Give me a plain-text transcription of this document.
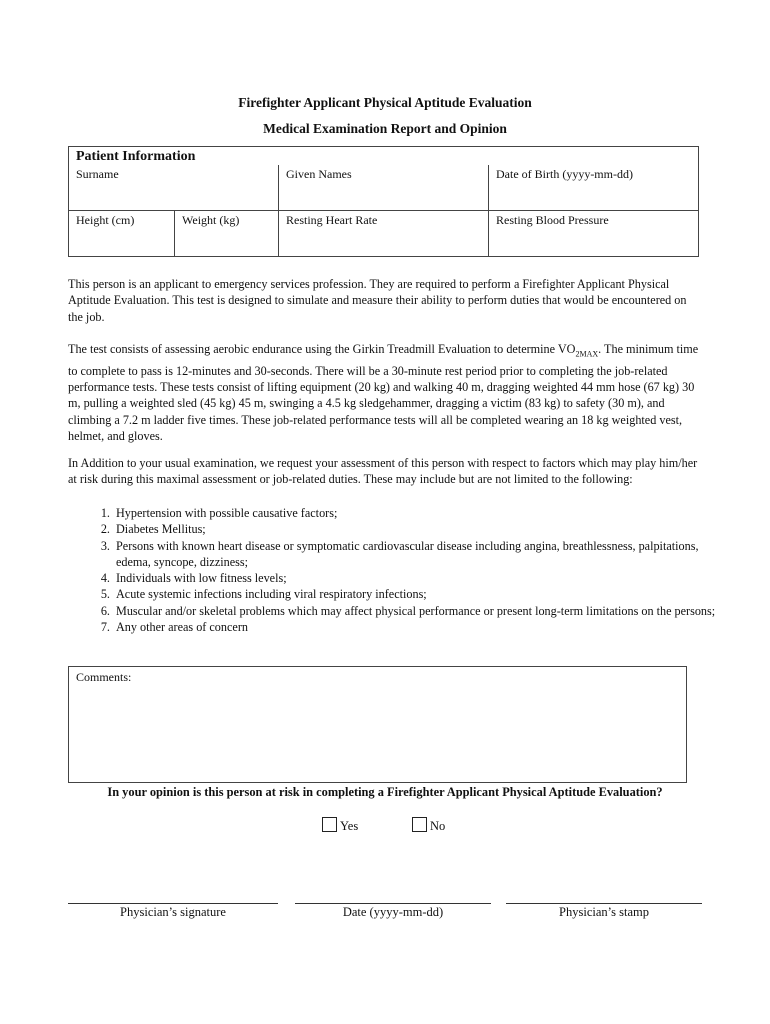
Firefighter Applicant Physical Aptitude Evaluation
Medical Examination Report and Opinion
Patient Information			
Surname		Given Names	Date of Birth (yyyy-mm-dd)
Height (cm)	Weight (kg)	Resting Heart Rate	Resting Blood Pressure

This person is an applicant to emergency services profession. They are required to perform a Firefighter Applicant Physical Aptitude Evaluation. This test is designed to simulate and measure their ability to perform duties that would be encountered on the job.

The test consists of assessing aerobic endurance using the Girkin Treadmill Evaluation to determine $VO_{2MAX}$. The minimum time to complete to pass is 12-minutes and 30-seconds. There will be a 30-minute rest period prior to completing the job-related performance tests. These tests consist of lifting equipment (20 kg) and walking 40 m, dragging weighted 44 mm hose (67 kg) 30 m, pulling a weighted sled (45 kg) 45 m, swinging a 4.5 kg sledgehammer, dragging a victim (83 kg) to safety (30 m), and climbing a 7.2 m ladder five times. These job-related performance tests will all be completed wearing an 18 kg weighted vest, helmet, and gloves.

In Addition to your usual examination, we request your assessment of this person with respect to factors which may play him/her at risk during this maximal assessment or job-related duties. These may include but are not limited to the following:

1. Hypertension with possible causative factors;
2. Diabetes Mellitus;
3. Persons with known heart disease or symptomatic cardiovascular disease including angina, breathlessness, palpitations, edema, syncope, dizziness;
4. Individuals with low fitness levels;
5. Acute systemic infections including viral respiratory infections;
6. Muscular and/or skeletal problems which may affect physical performance or present long-term limitations on the persons;
7. Any other areas of concern
Comments:
In your opinion is this person at risk in completing a Firefighter Applicant Physical Aptitude Evaluation?
Yes	No
Physician’s signature	Date (yyyy-mm-dd)	Physician’s stamp
